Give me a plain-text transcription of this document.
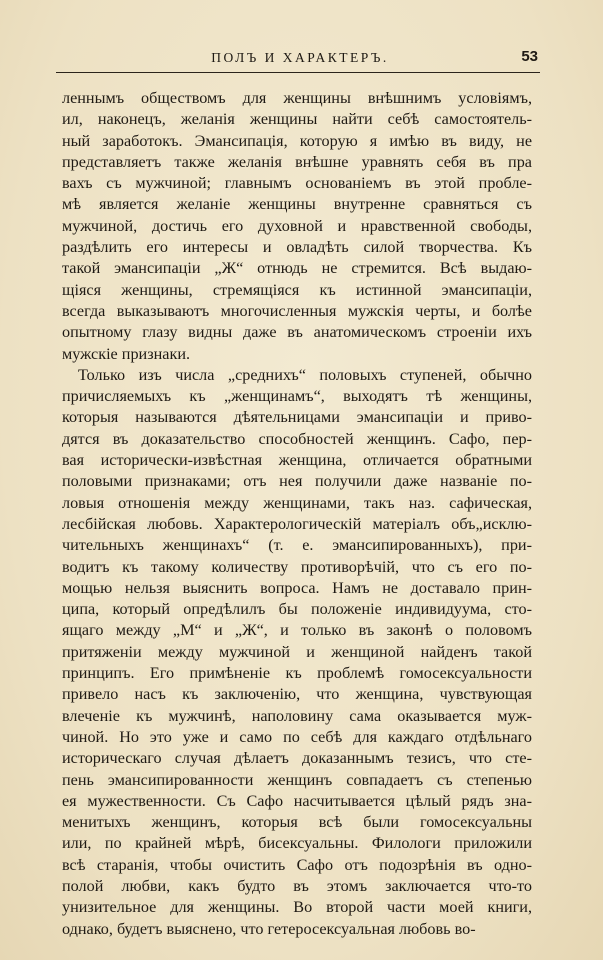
ПОЛЪ И ХАРАКТЕРЪ.	53
леннымъ обществомъ для женщины внѣшнимъ условіямъ,
ил, наконецъ, желанія женщины найти себѣ самостоятель-
ный заработокъ. Эмансипація, которую я имѣю въ виду, не
представляетъ также желанія внѣшне уравнять себя въ пра
вахъ съ мужчиной; главнымъ основаніемъ въ этой пробле-
мѣ является желаніе женщины внутренне сравняться съ
мужчиной, достичь его духовной и нравственной свободы,
раздѣлить его интересы и овладѣть силой творчества. Къ
такой эмансипаціи „Ж“ отнюдь не стремится. Всѣ выдаю-
щіяся женщины, стремящіяся къ истинной эмансипаціи,
всегда выказываютъ многочисленныя мужскія черты, и болѣе
опытному глазу видны даже въ анатомическомъ строеніи ихъ
мужскіе признаки.
Только изъ числа „среднихъ“ половыхъ ступеней, обычно
причисляемыхъ къ „женщинамъ“, выходятъ тѣ женщины,
которыя называются дѣятельницами эмансипаціи и приво-
дятся въ доказательство способностей женщинъ. Сафо, пер-
вая исторически-извѣстная женщина, отличается обратными
половыми признаками; отъ нея получили даже названіе по-
ловыя отношенія между женщинами, такъ наз. сафическая,
лесбійская любовь. Характерологическій матеріалъ объ„исклю-
чительныхъ женщинахъ“ (т. е. эмансипированныхъ), при-
водитъ къ такому количеству противорѣчій, что съ его по-
мощью нельзя выяснить вопроса. Намъ не доставало прин-
ципа, который опредѣлилъ бы положеніе индивидуума, сто-
ящаго между „М“ и „Ж“, и только въ законѣ о половомъ
притяженіи между мужчиной и женщиной найденъ такой
принципъ. Его примѣненіе къ проблемѣ гомосексуальности
привело насъ къ заключенію, что женщина, чувствующая
влеченіе къ мужчинѣ, наполовину сама оказывается муж-
чиной. Но это уже и само по себѣ для каждаго отдѣльнаго
историческаго случая дѣлаетъ доказаннымъ тезисъ, что сте-
пень эмансипированности женщинъ совпадаетъ съ степенью
ея мужественности. Съ Сафо насчитывается цѣлый рядъ зна-
менитыхъ женщинъ, которыя всѣ были гомосексуальны
или, по крайней мѣрѣ, бисексуальны. Филологи приложили
всѣ старанія, чтобы очистить Сафо отъ подозрѣнія въ одно-
полой любви, какъ будто въ этомъ заключается что-то
унизительное для женщины. Во второй части моей книги,
однако, будетъ выяснено, что гетеросексуальная любовь во-
